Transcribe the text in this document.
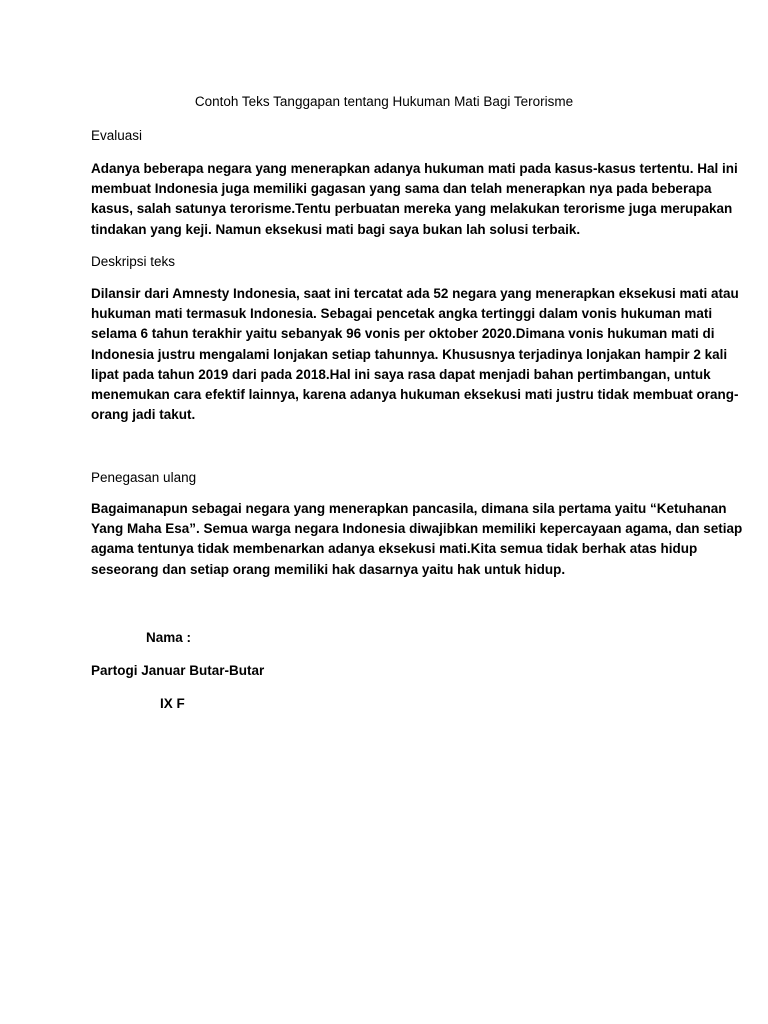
Contoh Teks Tanggapan tentang Hukuman Mati Bagi Terorisme
Evaluasi
Adanya beberapa negara yang menerapkan adanya hukuman mati pada kasus-kasus tertentu. Hal ini
membuat Indonesia juga memiliki gagasan yang sama dan telah menerapkan nya pada beberapa
kasus, salah satunya terorisme.Tentu perbuatan mereka yang melakukan terorisme juga merupakan
tindakan yang keji. Namun eksekusi mati bagi saya bukan lah solusi terbaik.
Deskripsi teks
Dilansir dari Amnesty Indonesia, saat ini tercatat ada 52 negara yang menerapkan eksekusi mati atau
hukuman mati termasuk Indonesia. Sebagai pencetak angka tertinggi dalam vonis hukuman mati
selama 6 tahun terakhir yaitu sebanyak 96 vonis per oktober 2020.Dimana vonis hukuman mati di
Indonesia justru mengalami lonjakan setiap tahunnya. Khususnya terjadinya lonjakan hampir 2 kali
lipat pada tahun 2019 dari pada 2018.Hal ini saya rasa dapat menjadi bahan pertimbangan, untuk
menemukan cara efektif lainnya, karena adanya hukuman eksekusi mati justru tidak membuat orang-
orang jadi takut.
Penegasan ulang
Bagaimanapun sebagai negara yang menerapkan pancasila, dimana sila pertama yaitu “Ketuhanan
Yang Maha Esa”. Semua warga negara Indonesia diwajibkan memiliki kepercayaan agama, dan setiap
agama tentunya tidak membenarkan adanya eksekusi mati.Kita semua tidak berhak atas hidup
seseorang dan setiap orang memiliki hak dasarnya yaitu hak untuk hidup.
Nama :
Partogi Januar Butar-Butar
IX F
